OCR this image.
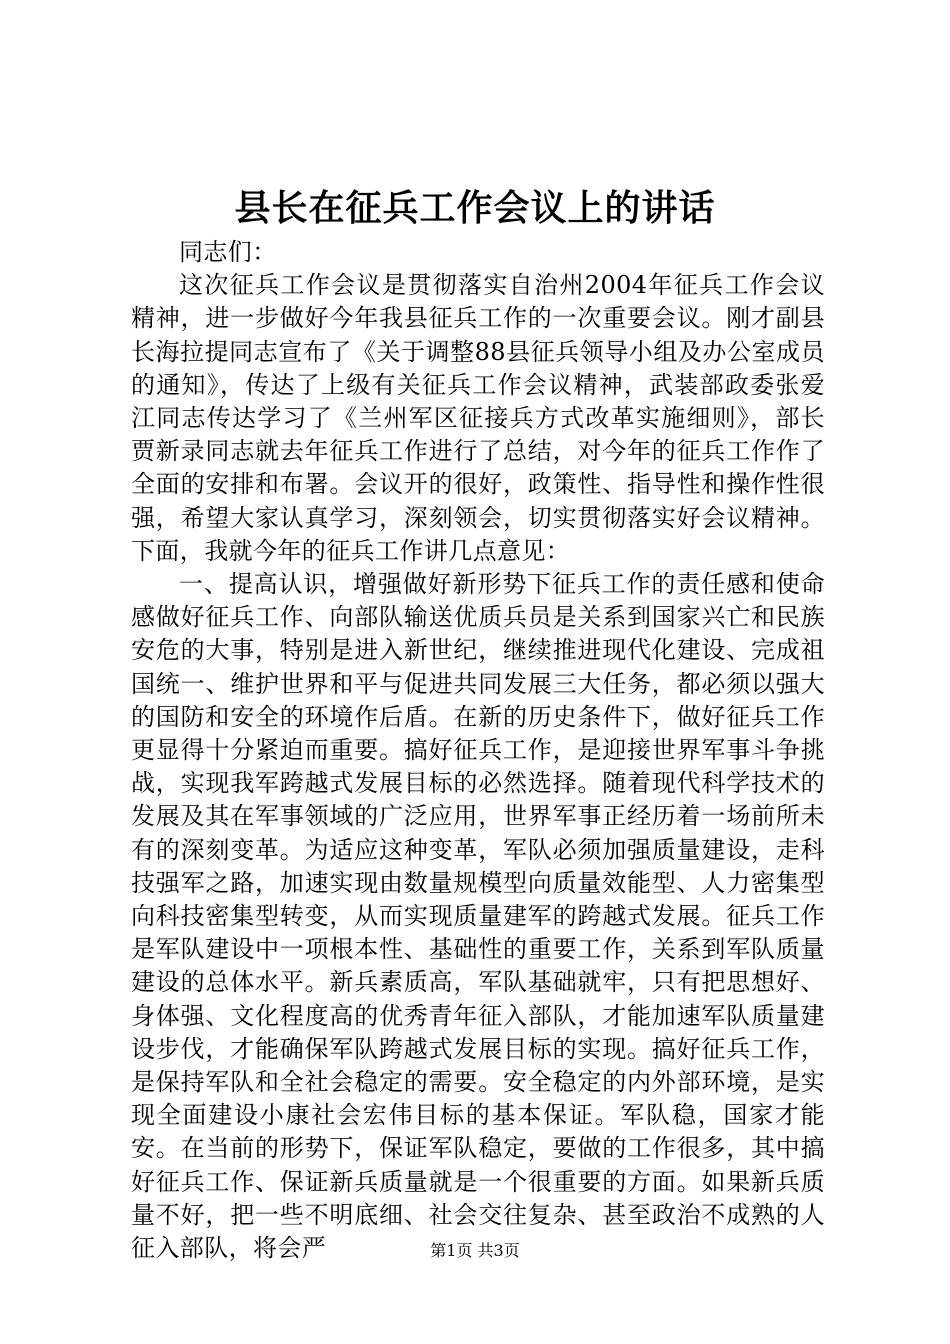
县长在征兵工作会议上的讲话

同志们：

这次征兵工作会议是贯彻落实自治州2004年征兵工作会议精神，进一步做好今年我县征兵工作的一次重要会议。刚才副县长海拉提同志宣布了《关于调整88县征兵领导小组及办公室成员的通知》，传达了上级有关征兵工作会议精神，武装部政委张爱江同志传达学习了《兰州军区征接兵方式改革实施细则》，部长贾新录同志就去年征兵工作进行了总结，对今年的征兵工作作了全面的安排和布署。会议开的很好，政策性、指导性和操作性很强，希望大家认真学习，深刻领会，切实贯彻落实好会议精神。下面，我就今年的征兵工作讲几点意见：

一、提高认识，增强做好新形势下征兵工作的责任感和使命感做好征兵工作、向部队输送优质兵员是关系到国家兴亡和民族安危的大事，特别是进入新世纪，继续推进现代化建设、完成祖国统一、维护世界和平与促进共同发展三大任务，都必须以强大的国防和安全的环境作后盾。在新的历史条件下，做好征兵工作更显得十分紧迫而重要。搞好征兵工作，是迎接世界军事斗争挑战，实现我军跨越式发展目标的必然选择。随着现代科学技术的发展及其在军事领域的广泛应用，世界军事正经历着一场前所未有的深刻变革。为适应这种变革，军队必须加强质量建设，走科技强军之路，加速实现由数量规模型向质量效能型、人力密集型向科技密集型转变，从而实现质量建军的跨越式发展。征兵工作是军队建设中一项根本性、基础性的重要工作，关系到军队质量建设的总体水平。新兵素质高，军队基础就牢，只有把思想好、身体强、文化程度高的优秀青年征入部队，才能加速军队质量建设步伐，才能确保军队跨越式发展目标的实现。搞好征兵工作，是保持军队和全社会稳定的需要。安全稳定的内外部环境，是实现全面建设小康社会宏伟目标的基本保证。军队稳，国家才能安。在当前的形势下，保证军队稳定，要做的工作很多，其中搞好征兵工作、保证新兵质量就是一个很重要的方面。如果新兵质量不好，把一些不明底细、社会交往复杂、甚至政治不成熟的人征入部队，将会严	第1页 共3页
